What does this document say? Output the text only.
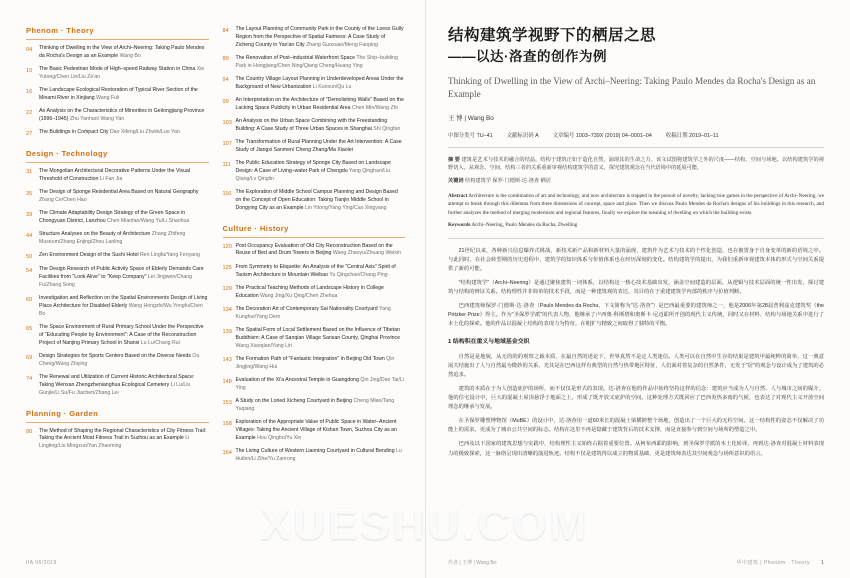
Phenom · Theory
04	Thinking of Dwelling in the View of Archi–Neering: Taking Paulo Mendes da Rocha's Design as an Example Wang Bo
10	The Basic Pedestrian Mode of High–speed Railway Station in China Xie Yutong/Chen Lin/Liu Ze'an
16	The Landscape Ecological Restoration of Typical River Section of the Minami River in Xinjiang Wang Fuli
22	An Analysis on the Characteristics of Minorities in Geilongjiang Province (1996–1945) Zhu Yanhan/ Wang Yan
27	The Buildings in Compact City Dao Xifeng/Liu Zhulin/Luo Yan
Design · Technology
31	The Mongolian Architectural Decorative Patterns Under the Visual Threshold of Construction Li Fan Jia
35	The Design of Sponge Residential Area Based on Natural Geography Zhang Ce/Chen Hao
39	The Climate Adaptability Design Strategy of the Green Space in Chongyuan District, Lanzhou Chen Miaofan/Wang Yu/Li Shaohua
44	Structure Analyses on the Beauty of Architecture Zhang Zhifeng Museum/Zhang Enjing/Zhou Lanling
50	Zen Environment Design of the Sushi Hotel Ren Lingfa/Yang Fenyang
54	The Design Research of Public Activity Space of Elderly Demands Care Facilities from "Look Alive" to "Keep Company" Lei Jingwen/Chang Fu/Zhang Song
60	Investigation and Reflection on the Spatial Environments Design of Living Place Architecture for Disabled Elderly Wang Hongzhi/Wu Yongfu/Chen Bo
65	The Space Environment of Rural Primary School Under the Perspective of "Educating People by Environment": A Case of the Reconstruction Project of Nanjing Primary School in Shanxi Lu Lu/Chang Rui
69	Design Strategies for Sports Centers Based on the Diverse Needs Ou Cheng/Wang Zhiying
74	The Renewal and Utilization of Current Historic Architectural Space: Taking Wenxan Zhengzhenianghua Ecological Cemetery Li Lu/Liu Gunjie/Li Su/Fu Jiachen/Zhang Lei
Planning · Garden
80	The Method of Shaping the Regional Characteristics of City Fitness Trail: Taking the Ancient Moat Fitness Trail in Suzhou as an Example Li Lingting/Liu Mingzuo/Yan Zhaoming
84	The Layout Planning of Community Park in the County of the Loess Gully Region from the Perspective of Spatial Fairness: A Case Study of Zicheng County in Yan'an City Zhang Guoxuan/Meng Fanping
89	The Renovation of Post–industrial Waterfront Space The Ship–building Park in Hongjiang/Chen Ning/Qiang Cheng/Huang Ying
94	The Country Village Layout Planning in Underdeveloped Areas Under the Background of New Urbanization Li Kunxun/Qu Lu
99	An Interpretation on the Architecture of "Demolishing Walls" Based on the Lacking Space Publicity in Urban Residential Area Chen Min/Wang Zhi
103 An Analysis on the Urban Space Combining with the Freestanding Building: A Case Study of Three Urban Spaces in Shanghai Shi Qingfan
107 The Transformation of Rural Planning Under the Art Intervention: A Case Study of Jiangxi Sanmen/ Cheng Zhang/Ma Xiaolei
111 The Public Education Strategy of Sponge City Based on Landscape Design: A Case of Living–water Park of Chengdu Yang Qinghan/Liu Qiang/Lv Qinglin
116 The Exploration of Middle School Campus Planning and Design Based on the Concept of Open Education: Taking Tianjin Middle School in Dongying City as an Example Lin Yitong/Yang Ying/Cao Xingyang
Culture · History
120 Post Occupancy Evaluation of Old City Reconstruction Based on the Reuse of Bed and Drum Towers in Beijing Wang Zhaoyu/Zhuang Weixin
125 From Symmetry to Etiquette: An Analysis of the "Central Axis" Spirit of Taoism Architecture in Mountain Weibao Yu Qingchao/Chang Ping
129 The Practical Teaching Methods of Landscape History in College Education Wang Jing/Xu Qing/Chen Zhehua
134 The Decoration Art of Contemporary Sai Nationality Courtyard Yang Kunghui/Yang Dern
139 The Spatial Form of Local Settlement Based on the Influence of Tibetan Buddhism: A Case of Sanqian Village Sansan County, Qinghai Province Wang Xiaoqian/Yang Lin
143 The Formation Path of "Fantastic Integration" in Beijing Old Town Qin Jingjing/Wang Hui
148 Evaluation of the Xi'a Ancestral Temple in Guangdong Qin Jing/Dao Tai/Li Ying
153 A Study on the Loried Xicheng Courtyard in Beijing Cheng Miao/Tang Yuqiang
158 Exploration of the Appropriate Value of Public Space in Water–Ancient Villages: Taking the Ancient Village of Kishan Town, Suzhou City as an Example Hou Qingbo/Yu Xin
164 The Living Culture of Western Liaoning Courtyard in Cultural Bending Lu Huibin/Li Zihe/Yu Zanrong
IIA 06/2019
结构建筑学视野下的栖居之思
——以达·洛查的创作为例

Thinking of Dwelling in the View of Archi–Neering: Taking Paulo Mendes da Rocha's Design as an Example

王 博 | Wang Bo

中图分类号 TU–41	文献标识码 A	文章编号 1003–739X (2019) 04–0001–04	收稿日期 2019–01–11
摘 要 建筑是艺术与技术的融合的结晶，结构于建筑正如于造化自然，涌现其的生命之力。该文试图将建筑学之外的尺度——结构、空间与场地，以结构建筑学的视野切入，从观念、空间、结构三者的关系重新审视结构建筑学的意义，探究建筑观念在当代语境中的延展可能。
关键词 结构建筑学 保罗·门德斯·达·洛查 栖居
Abstract Architecture is the combination of art and technology, and now architecture is trapped in the pursuit of novelty, lacking true games in the perspective of Archi–Neering, we attempt to break through this dilemma from three dimensions of concept, space and place. Then we discuss Paulo Mendes da Rocha's designs of his buildings in this research, and further analyzes the method of merging modernism and regional features, finally we explore the meaning of dwelling on which the building exists.
Keywords Archi–Neering, Paulo Mendes da Rocha, Dwelling

21世纪以来，各种新兴信息爆炸式挑战，新技术新产品和新材料大量的涌现，建筑作为艺术与技术的个性化创造，也在被置身于自身变革的新的语境之中。与此同时，在社会转型期的历史进程中，建筑学的知识体系与价值体系也在经历深刻的变化。结构建筑学的提出，为我们重新审视建筑本体的形式与空间关系提供了新的可能。

"结构建筑学"（Archi–Neering）是通过聚焦建筑一词体系，以结构这一核心技术基础出发，涵盖空间建造的层面，从逻辑与技术层面的统一性出发，探讨建筑与结构的辩证关系。结构理性并非简单的技术手段，而是一种建筑观的表达，其目的在于重建建筑学内部的秩序与价值判断。

巴西建筑师保罗·门德斯·达·洛查（Paulo Mendes da Rocha，下文简称为"达·洛查"）是巴西最重要的建筑师之一，他是2006年第28届普利兹克建筑奖（the Pritzker Prize）得主。作为"圣保罗学派"的代表人物，他继承了卢西奥·科斯塔和奥斯卡·尼迈耶所开创的现代主义传统，同时又在材料、结构与场地关系中进行了本土化的探索。他的作品以混凝土结构的表现力为特征，在粗犷与精致之间取得了独特的平衡。

1 结构积在重义与地域基金交织

自然是是地貌，从无的的的观察之载本质，在最自然的述论下，世界真然不是定人类迷信。人类可以在自然中生存的结果是建筑甲最纯粹的简单，这一典意展关结施出了人与自然最为微妙的关系，光其是在巴西这样有典型的自然与热带地区特征，人们面对着复杂的自然条件，无发于"居"的观念与设计成为了建筑的必然追求。

建筑的本质在于为人创造庇护的场所，而不仅仅是形式的表现。达·洛查在他的作品中始终坚持这样的信念：建筑应当成为人与自然、人与城市之间的媒介。他的住宅设计中，巨大的混凝土屋顶悬浮于地面之上，形成了既开放又庇护的空间。这种处理方式既回应了巴西炎热多雨的气候，也表达了对现代主义开放空间理念的继承与发展。

在圣保罗雕塑博物馆（MuBE）的设计中，达·洛查用一道60米长的混凝土梁横跨整个场地，创造出了一个巨大的无柱空间。这一结构性的姿态不仅解决了功能上的需求，更成为了城市公共空间的标志。结构在这里不再是隐藏于建筑背后的技术支撑，而是直接参与到空间与场所的塑造之中。

巴西及以下国家的建筑思想与实践中，结构理性主义始终占据着重要位置。从柯布西耶的影响，到圣保罗学派的本土化转译，再到达·洛查对混凝土材料表现力的极致探索，这一脉络呈现出清晰的演进轨迹。结构不仅是建筑得以成立的物质基础，更是建筑师表达其空间观念与场所意识的语言。

作者 | 王博 | Wang Bo	1
华中建筑 | Phenom · Theory
XUESHU.COM
